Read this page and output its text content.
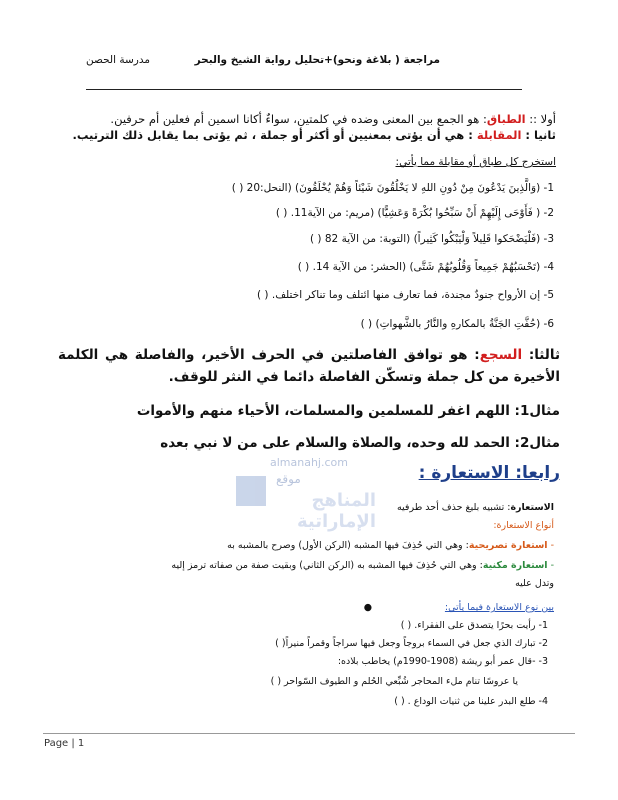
مراجعة ( بلاغة ونحو)+تحليل رواية الشيخ والبحر
مدرسة الحصن
أولا :: الطباق: هو الجمع بين المعنى وضده في كلمتين، سواءٌ أكانا اسمين أم فعلين أم حرفين.
ثانيا : المقابلة : هي أن يؤتى بمعنيين أو أكثر أو جملة ، ثم يؤتى بما يقابل ذلك الترتيب.
استخرج كل طباق أو مقابلة مما يأتي:
1- (وَالَّذِينَ يَدْعُونَ مِنْ دُونِ اللهِ لا يَخْلُقُونَ شَيْئاً وَهُمْ يُخْلَقُونَ) (النحل:20 ( )
2- ( فَأَوْحَى إِلَيْهِمْ أَنْ سَبِّحُوا بُكْرَةً وَعَشِيًّا) (مريم: من الآية11. ( )
3- (فَلْيَضْحَكوا قَلِيلاً وَلْيَبْكُوا كَثِيراً) (التوبة: من الآية 82 ( )
4- (تَحْسَبُهُمْ جَمِيعاً وَقُلُوبُهُمْ شَتَّى) (الحشر: من الآية 14. ( )
5- إن الأرواح جنودٌ مجندة، فما تعارف منها ائتلف وما تناكر اختلف. ( )
6- (حُفَّتِ الجَنَّةُ بالمكارهِ والنَّارُ بالشَّهواتِ) ( )
ثالثا: السجع: هو توافق الفاصلتين في الحرف الأخير، والفاصلة هي الكلمة الأخيرة من كل جملة وتسكّن الفاصلة دائما في النثر للوقف.
مثال1: اللهم اغفر للمسلمين والمسلمات، الأحياء منهم والأموات
مثال2: الحمد لله وحده، والصلاة والسلام على من لا نبي بعده
almanahj.com
موقع
المناهج الإماراتية
رابعا: الاستعارة :
الاستعارة: تشبيه بليغ حذف أحد طرفيه
أنواع الاستعارة:
- استعارة تصريحية: وهي التي حُذِفَ فيها المشبه (الركن الأول) وصرح بالمشبه به
- استعارة مكنية: وهي التي حُذِفَ فيها المشبه به (الركن الثاني) وبقيت صفة من صفاته ترمز إليه
وتدل عليه
بين نوع الاستعارة فيما يأتي:
●
1- رأيت بحرًا يتصدق على الفقراء. ( )
2- تبارك الذي جعل في السماء بروجاً وجعل فيها سراجاً وقمراً منيراً( )
3- -قال عمر أبو ريشة (1908-1990م) يخاطب بلاده:
يا عروسًا تنام ملء المحاجر شُبِّعي الحُلم و الطيوف السّواحر ( )
4- طلع البدر علينا من ثنيات الوداع . ( )
Page | 1
